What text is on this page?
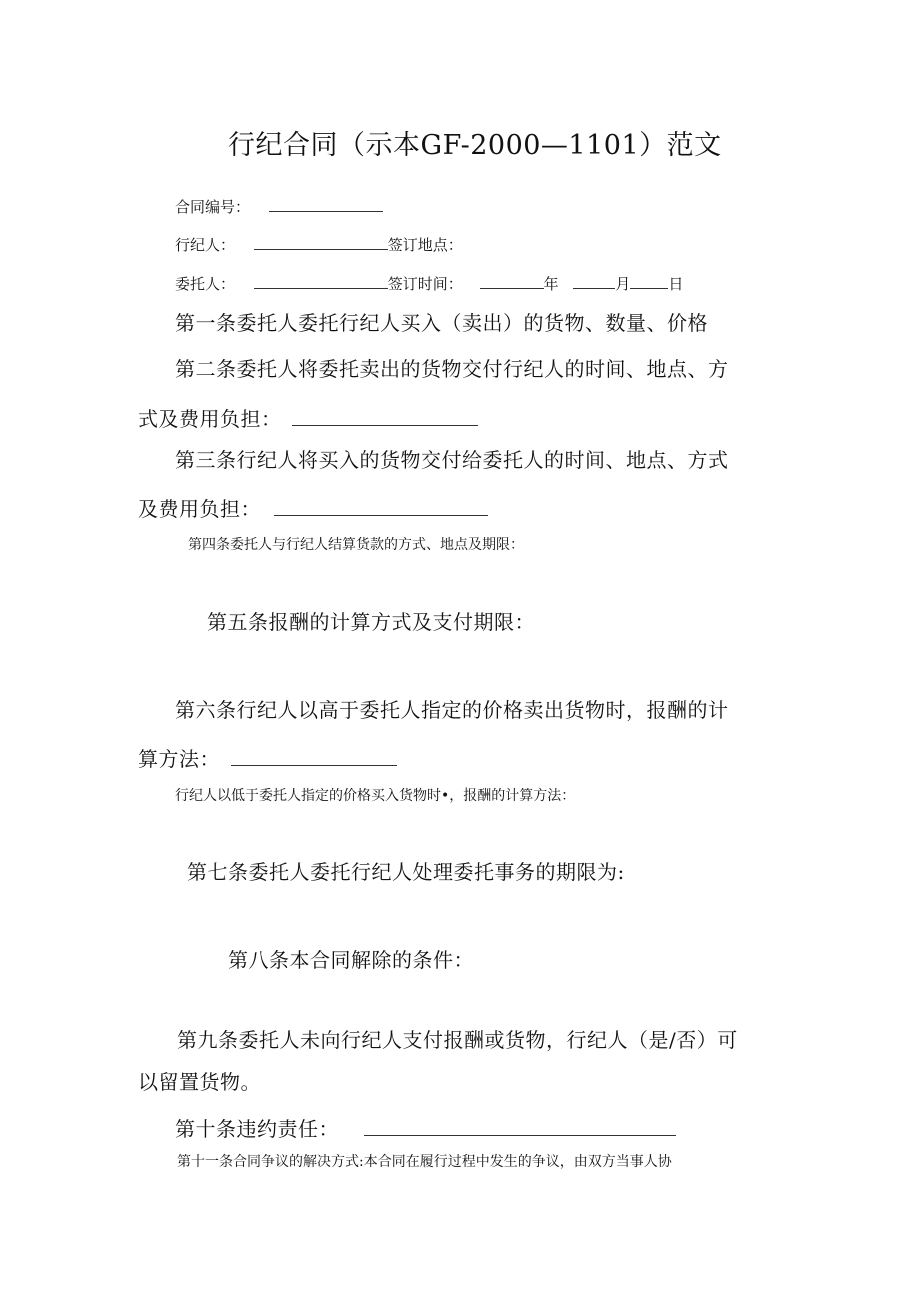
行纪合同（示本GF-2000—1101）范文
合同编号：
行纪人：	签订地点：
委托人：	签订时间：	年	月	日
第一条委托人委托行纪人买入（卖出）的货物、数量、价格
第二条委托人将委托卖出的货物交付行纪人的时间、地点、方
式及费用负担：
第三条行纪人将买入的货物交付给委托人的时间、地点、方式
及费用负担：
第四条委托人与行纪人结算货款的方式、地点及期限：
第五条报酬的计算方式及支付期限：
第六条行纪人以高于委托人指定的价格卖出货物时，报酬的计
算方法：
行纪人以低于委托人指定的价格买入货物时•，报酬的计算方法：
第七条委托人委托行纪人处理委托事务的期限为:
第八条本合同解除的条件：
第九条委托人未向行纪人支付报酬或货物，行纪人（是/否）可
以留置货物。
第十条违约责任：
第十一条合同争议的解决方式:本合同在履行过程中发生的争议，由双方当事人协
